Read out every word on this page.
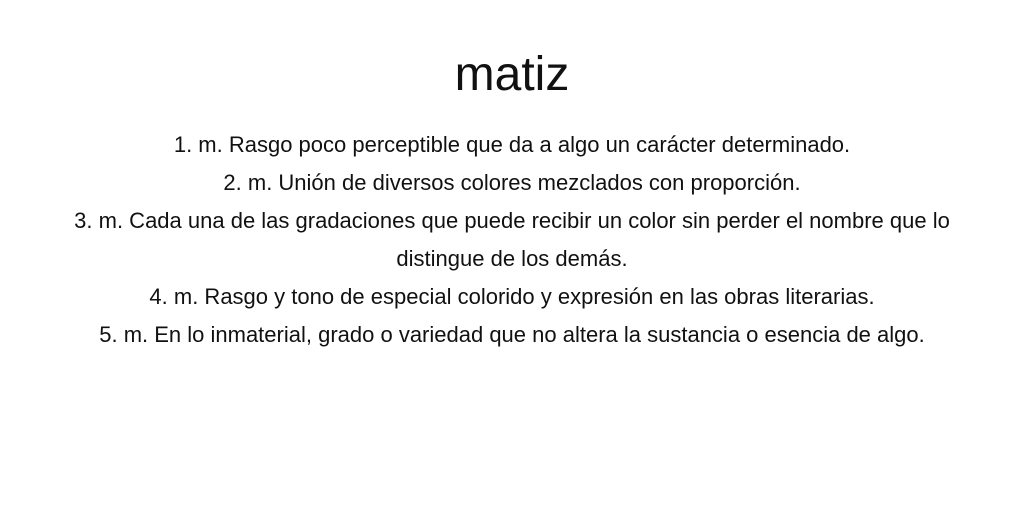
matiz
1. m. Rasgo poco perceptible que da a algo un carácter determinado.
2. m. Unión de diversos colores mezclados con proporción.
3. m. Cada una de las gradaciones que puede recibir un color sin perder el nombre que lo distingue de los demás.
4. m. Rasgo y tono de especial colorido y expresión en las obras literarias.
5. m. En lo inmaterial, grado o variedad que no altera la sustancia o esencia de algo.
